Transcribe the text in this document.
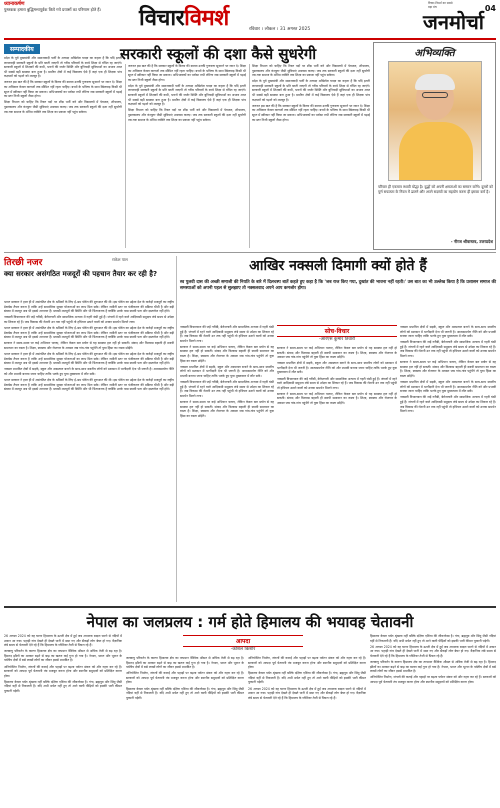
ध्यानाकर्षण
पुस्तकक हमारा बुद्धिमत्तापूर्वक किये गये प्रयासों का परिणाम होते हैं।	विचारविमर्श	रविवार । लोकल । 31 अगस्त 2025
विचार-विमर्श का सबसे बड़ा मंच
जनमोर्चा
04
सम्पादकीय	सरकारी स्कूलों की दशा कैसे सुधरेगी

प्रदेश के पूर्व मुख्यमंत्री और समाजवादी पार्टी के अध्यक्ष अखिलेश यादव का कहना है कि यदि इतनी लापरवाही सरकारी स्कूलों के प्रति बरती जाएगी तो गरीब परिवारों के बच्चे शिक्षा से वंचित रह जाएंगे। सरकारी स्कूलों में शिक्षकों की कमी, भवनों की जर्जर स्थिति और बुनियादी सुविधाओं का अभाव आज भी सबसे बड़ी समस्या बना हुआ है। ग्रामीण क्षेत्रों में कई विद्यालय ऐसे हैं जहां एक ही शिक्षक पांच कक्षाओं को पढ़ाने को मजबूर है।

जरूरत इस बात की है कि सरकार स्कूलों के विलय की बजाय उनकी गुणवत्ता सुधारने पर ध्यान दे। शिक्षा का अधिकार केवल कागजों तक सीमित नहीं रहना चाहिए। बच्चों के भविष्य के साथ खिलवाड़ किसी भी सूरत में स्वीकार नहीं किया जा सकता। अभिभावकों का भरोसा तभी लौटेगा जब सरकारी स्कूलों में पढ़ाई का स्तर निजी स्कूलों जैसा होगा।

शिक्षा विभाग को चाहिए कि रिक्त पदों पर शीघ्र भर्ती करे और विद्यालयों में पेयजल, शौचालय, पुस्तकालय और कंप्यूटर जैसी सुविधाएं उपलब्ध कराए। जब तक सरकारी स्कूलों की दशा नहीं सुधरेगी तब तक समाज के अंतिम व्यक्ति तक शिक्षा का प्रकाश नहीं पहुंच सकेगा।

जरूरत इस बात की है कि सरकार स्कूलों के विलय की बजाय उनकी गुणवत्ता सुधारने पर ध्यान दे। शिक्षा का अधिकार केवल कागजों तक सीमित नहीं रहना चाहिए। बच्चों के भविष्य के साथ खिलवाड़ किसी भी सूरत में स्वीकार नहीं किया जा सकता। अभिभावकों का भरोसा तभी लौटेगा जब सरकारी स्कूलों में पढ़ाई का स्तर निजी स्कूलों जैसा होगा।

प्रदेश के पूर्व मुख्यमंत्री और समाजवादी पार्टी के अध्यक्ष अखिलेश यादव का कहना है कि यदि इतनी लापरवाही सरकारी स्कूलों के प्रति बरती जाएगी तो गरीब परिवारों के बच्चे शिक्षा से वंचित रह जाएंगे। सरकारी स्कूलों में शिक्षकों की कमी, भवनों की जर्जर स्थिति और बुनियादी सुविधाओं का अभाव आज भी सबसे बड़ी समस्या बना हुआ है। ग्रामीण क्षेत्रों में कई विद्यालय ऐसे हैं जहां एक ही शिक्षक पांच कक्षाओं को पढ़ाने को मजबूर है।

शिक्षा विभाग को चाहिए कि रिक्त पदों पर शीघ्र भर्ती करे और विद्यालयों में पेयजल, शौचालय, पुस्तकालय और कंप्यूटर जैसी सुविधाएं उपलब्ध कराए। जब तक सरकारी स्कूलों की दशा नहीं सुधरेगी तब तक समाज के अंतिम व्यक्ति तक शिक्षा का प्रकाश नहीं पहुंच सकेगा।

शिक्षा विभाग को चाहिए कि रिक्त पदों पर शीघ्र भर्ती करे और विद्यालयों में पेयजल, शौचालय, पुस्तकालय और कंप्यूटर जैसी सुविधाएं उपलब्ध कराए। जब तक सरकारी स्कूलों की दशा नहीं सुधरेगी तब तक समाज के अंतिम व्यक्ति तक शिक्षा का प्रकाश नहीं पहुंच सकेगा।

प्रदेश के पूर्व मुख्यमंत्री और समाजवादी पार्टी के अध्यक्ष अखिलेश यादव का कहना है कि यदि इतनी लापरवाही सरकारी स्कूलों के प्रति बरती जाएगी तो गरीब परिवारों के बच्चे शिक्षा से वंचित रह जाएंगे। सरकारी स्कूलों में शिक्षकों की कमी, भवनों की जर्जर स्थिति और बुनियादी सुविधाओं का अभाव आज भी सबसे बड़ी समस्या बना हुआ है। ग्रामीण क्षेत्रों में कई विद्यालय ऐसे हैं जहां एक ही शिक्षक पांच कक्षाओं को पढ़ाने को मजबूर है।

जरूरत इस बात की है कि सरकार स्कूलों के विलय की बजाय उनकी गुणवत्ता सुधारने पर ध्यान दे। शिक्षा का अधिकार केवल कागजों तक सीमित नहीं रहना चाहिए। बच्चों के भविष्य के साथ खिलवाड़ किसी भी सूरत में स्वीकार नहीं किया जा सकता। अभिभावकों का भरोसा तभी लौटेगा जब सरकारी स्कूलों में पढ़ाई का स्तर निजी स्कूलों जैसा होगा।

अभिव्यक्ति
परिवार ही एकमात्र स्थायी योद्धा है। युद्धों को अपनी क्षमताओं का सम्मान करेंगे। दूसरों को पूर्ण सफलता के नियम में ढालने और अपने सदस्यों का सहयोग करना ही इसका कर्म है।
- नीरज श्रीवास्तव, उत्तरप्रदेश
तिरछी नजर	राकेश पाल
क्या सरकार असंगठित मजदूरों की पहचान तैयार कर रही है?

भारत सरकार ने हाल ही में असंगठित क्षेत्र के श्रमिकों के लिए ई-श्रम पोर्टल की शुरुआत की थी। इस पोर्टल का उद्देश्य देश के करोड़ों मजदूरों का राष्ट्रीय डेटाबेस तैयार करना है ताकि उन्हें सामाजिक सुरक्षा योजनाओं का लाभ मिल सके। लेकिन जमीनी स्तर पर पंजीकरण की प्रक्रिया धीमी है और बड़ी संख्या में मजदूर अब भी इससे अनजान हैं। प्रवासी मजदूरों की स्थिति और भी चिंताजनक है क्योंकि उनके पास स्थायी पता और दस्तावेज नहीं होते।

नक्सली विचारधारा की जड़ें गरीबी, बेरोजगारी और सामाजिक अन्याय में गहरी धंसी हुई हैं। जंगलों में रहने वाले आदिवासी समुदाय लंबे समय से उपेक्षा का शिकार रहे हैं। जब विकास की रोशनी उन तक नहीं पहुंची तो हथियार उठाने वालों को उनका समर्थन मिलने लगा।

भारत सरकार ने हाल ही में असंगठित क्षेत्र के श्रमिकों के लिए ई-श्रम पोर्टल की शुरुआत की थी। इस पोर्टल का उद्देश्य देश के करोड़ों मजदूरों का राष्ट्रीय डेटाबेस तैयार करना है ताकि उन्हें सामाजिक सुरक्षा योजनाओं का लाभ मिल सके। लेकिन जमीनी स्तर पर पंजीकरण की प्रक्रिया धीमी है और बड़ी संख्या में मजदूर अब भी इससे अनजान हैं। प्रवासी मजदूरों की स्थिति और भी चिंताजनक है क्योंकि उनके पास स्थायी पता और दस्तावेज नहीं होते।

सरकार ने समय-समय पर कई अभियान चलाए, लेकिन केवल बल प्रयोग से यह समस्या हल नहीं हो सकती। संवाद और विश्वास बहाली ही स्थायी समाधान का रास्ता है। शिक्षा, स्वास्थ्य और रोजगार के अवसर जब गांव-गांव पहुंचेंगे तो युवा हिंसा का रास्ता छोड़ेंगे।

भारत सरकार ने हाल ही में असंगठित क्षेत्र के श्रमिकों के लिए ई-श्रम पोर्टल की शुरुआत की थी। इस पोर्टल का उद्देश्य देश के करोड़ों मजदूरों का राष्ट्रीय डेटाबेस तैयार करना है ताकि उन्हें सामाजिक सुरक्षा योजनाओं का लाभ मिल सके। लेकिन जमीनी स्तर पर पंजीकरण की प्रक्रिया धीमी है और बड़ी संख्या में मजदूर अब भी इससे अनजान हैं। प्रवासी मजदूरों की स्थिति और भी चिंताजनक है क्योंकि उनके पास स्थायी पता और दस्तावेज नहीं होते।

नक्सल प्रभावित क्षेत्रों में सड़कें, स्कूल और अस्पताल बनाने के साथ-साथ स्थानीय लोगों को प्रशासन में भागीदारी देना भी जरूरी है। आत्मसमर्पण नीति को और प्रभावी बनाया जाना चाहिए ताकि भटके हुए युवा मुख्यधारा में लौट सकें।

भारत सरकार ने हाल ही में असंगठित क्षेत्र के श्रमिकों के लिए ई-श्रम पोर्टल की शुरुआत की थी। इस पोर्टल का उद्देश्य देश के करोड़ों मजदूरों का राष्ट्रीय डेटाबेस तैयार करना है ताकि उन्हें सामाजिक सुरक्षा योजनाओं का लाभ मिल सके। लेकिन जमीनी स्तर पर पंजीकरण की प्रक्रिया धीमी है और बड़ी संख्या में मजदूर अब भी इससे अनजान हैं। प्रवासी मजदूरों की स्थिति और भी चिंताजनक है क्योंकि उनके पास स्थायी पता और दस्तावेज नहीं होते।

आखिर नक्सली दिमागी क्यों होते हैं
स्व पुलवी दास की अच्छी समाजी की नियति के बारे में दिलचस्प बातें कहते हुए कहा है कि 'जब राज किए गया, दुखांत की भावना नहीं रहती।' उस बात का भी उल्लेख किया है कि प्रशासन समाज की समस्याओं को अपनी पहल से सुलझाए तो नक्सलवाद अपने आप कमजोर होगा।

नक्सली विचारधारा की जड़ें गरीबी, बेरोजगारी और सामाजिक अन्याय में गहरी धंसी हुई हैं। जंगलों में रहने वाले आदिवासी समुदाय लंबे समय से उपेक्षा का शिकार रहे हैं। जब विकास की रोशनी उन तक नहीं पहुंची तो हथियार उठाने वालों को उनका समर्थन मिलने लगा।

सरकार ने समय-समय पर कई अभियान चलाए, लेकिन केवल बल प्रयोग से यह समस्या हल नहीं हो सकती। संवाद और विश्वास बहाली ही स्थायी समाधान का रास्ता है। शिक्षा, स्वास्थ्य और रोजगार के अवसर जब गांव-गांव पहुंचेंगे तो युवा हिंसा का रास्ता छोड़ेंगे।

नक्सल प्रभावित क्षेत्रों में सड़कें, स्कूल और अस्पताल बनाने के साथ-साथ स्थानीय लोगों को प्रशासन में भागीदारी देना भी जरूरी है। आत्मसमर्पण नीति को और प्रभावी बनाया जाना चाहिए ताकि भटके हुए युवा मुख्यधारा में लौट सकें।

नक्सली विचारधारा की जड़ें गरीबी, बेरोजगारी और सामाजिक अन्याय में गहरी धंसी हुई हैं। जंगलों में रहने वाले आदिवासी समुदाय लंबे समय से उपेक्षा का शिकार रहे हैं। जब विकास की रोशनी उन तक नहीं पहुंची तो हथियार उठाने वालों को उनका समर्थन मिलने लगा।

सरकार ने समय-समय पर कई अभियान चलाए, लेकिन केवल बल प्रयोग से यह समस्या हल नहीं हो सकती। संवाद और विश्वास बहाली ही स्थायी समाधान का रास्ता है। शिक्षा, स्वास्थ्य और रोजगार के अवसर जब गांव-गांव पहुंचेंगे तो युवा हिंसा का रास्ता छोड़ेंगे।

सोच-विचार
-आरएस कुमार तिवारी

सरकार ने समय-समय पर कई अभियान चलाए, लेकिन केवल बल प्रयोग से यह समस्या हल नहीं हो सकती। संवाद और विश्वास बहाली ही स्थायी समाधान का रास्ता है। शिक्षा, स्वास्थ्य और रोजगार के अवसर जब गांव-गांव पहुंचेंगे तो युवा हिंसा का रास्ता छोड़ेंगे।

नक्सल प्रभावित क्षेत्रों में सड़कें, स्कूल और अस्पताल बनाने के साथ-साथ स्थानीय लोगों को प्रशासन में भागीदारी देना भी जरूरी है। आत्मसमर्पण नीति को और प्रभावी बनाया जाना चाहिए ताकि भटके हुए युवा मुख्यधारा में लौट सकें।

नक्सली विचारधारा की जड़ें गरीबी, बेरोजगारी और सामाजिक अन्याय में गहरी धंसी हुई हैं। जंगलों में रहने वाले आदिवासी समुदाय लंबे समय से उपेक्षा का शिकार रहे हैं। जब विकास की रोशनी उन तक नहीं पहुंची तो हथियार उठाने वालों को उनका समर्थन मिलने लगा।

सरकार ने समय-समय पर कई अभियान चलाए, लेकिन केवल बल प्रयोग से यह समस्या हल नहीं हो सकती। संवाद और विश्वास बहाली ही स्थायी समाधान का रास्ता है। शिक्षा, स्वास्थ्य और रोजगार के अवसर जब गांव-गांव पहुंचेंगे तो युवा हिंसा का रास्ता छोड़ेंगे।

नक्सल प्रभावित क्षेत्रों में सड़कें, स्कूल और अस्पताल बनाने के साथ-साथ स्थानीय लोगों को प्रशासन में भागीदारी देना भी जरूरी है। आत्मसमर्पण नीति को और प्रभावी बनाया जाना चाहिए ताकि भटके हुए युवा मुख्यधारा में लौट सकें।

नक्सली विचारधारा की जड़ें गरीबी, बेरोजगारी और सामाजिक अन्याय में गहरी धंसी हुई हैं। जंगलों में रहने वाले आदिवासी समुदाय लंबे समय से उपेक्षा का शिकार रहे हैं। जब विकास की रोशनी उन तक नहीं पहुंची तो हथियार उठाने वालों को उनका समर्थन मिलने लगा।

सरकार ने समय-समय पर कई अभियान चलाए, लेकिन केवल बल प्रयोग से यह समस्या हल नहीं हो सकती। संवाद और विश्वास बहाली ही स्थायी समाधान का रास्ता है। शिक्षा, स्वास्थ्य और रोजगार के अवसर जब गांव-गांव पहुंचेंगे तो युवा हिंसा का रास्ता छोड़ेंगे।

नक्सल प्रभावित क्षेत्रों में सड़कें, स्कूल और अस्पताल बनाने के साथ-साथ स्थानीय लोगों को प्रशासन में भागीदारी देना भी जरूरी है। आत्मसमर्पण नीति को और प्रभावी बनाया जाना चाहिए ताकि भटके हुए युवा मुख्यधारा में लौट सकें।

नक्सली विचारधारा की जड़ें गरीबी, बेरोजगारी और सामाजिक अन्याय में गहरी धंसी हुई हैं। जंगलों में रहने वाले आदिवासी समुदाय लंबे समय से उपेक्षा का शिकार रहे हैं। जब विकास की रोशनी उन तक नहीं पहुंची तो हथियार उठाने वालों को उनका समर्थन मिलने लगा।

नेपाल का जलप्रलय : गर्म होते हिमालय की भयावह चेतावनी

26 अगस्त 2024 को यह घटना हिमालय के ऊपरी क्षेत्र में हुई जब अचानक बादल फटने से नदियों में उफान आ गया। पहाड़ी गांव देखते ही देखते पानी में समा गए और सैकड़ों लोग बेघर हो गए। वैज्ञानिक लंबे समय से चेतावनी देते रहे हैं कि हिमालय के ग्लेशियर तेजी से पिघल रहे हैं।

जलवायु परिवर्तन के कारण हिमालय क्षेत्र का तापमान वैश्विक औसत से अधिक तेजी से बढ़ रहा है। हिमनद झीलों का आकार बढ़ने से बाढ़ का खतरा कई गुना हो गया है। नेपाल, भारत और भूटान के पर्वतीय क्षेत्रों में बसे लाखों लोगों का जीवन इससे प्रभावित है।

अनियोजित निर्माण, जंगलों की कटाई और पहाड़ों पर बढ़ता पर्यटन संकट को और गहरा कर रहे हैं। सरकारों को आपदा पूर्व चेतावनी तंत्र मजबूत करना होगा और स्थानीय समुदायों को प्रशिक्षित करना होगा।

हिमालय केवल पर्वत श्रृंखला नहीं बल्कि दक्षिण एशिया की जीवनरेखा है। गंगा, ब्रह्मपुत्र और सिंधु जैसी नदियां यहीं से निकलती हैं। यदि अभी सचेत नहीं हुए तो आने वाली पीढ़ियों को इसकी भारी कीमत चुकानी पड़ेगी।

आपदा
-कौशल किशोर

जलवायु परिवर्तन के कारण हिमालय क्षेत्र का तापमान वैश्विक औसत से अधिक तेजी से बढ़ रहा है। हिमनद झीलों का आकार बढ़ने से बाढ़ का खतरा कई गुना हो गया है। नेपाल, भारत और भूटान के पर्वतीय क्षेत्रों में बसे लाखों लोगों का जीवन इससे प्रभावित है।

अनियोजित निर्माण, जंगलों की कटाई और पहाड़ों पर बढ़ता पर्यटन संकट को और गहरा कर रहे हैं। सरकारों को आपदा पूर्व चेतावनी तंत्र मजबूत करना होगा और स्थानीय समुदायों को प्रशिक्षित करना होगा।

हिमालय केवल पर्वत श्रृंखला नहीं बल्कि दक्षिण एशिया की जीवनरेखा है। गंगा, ब्रह्मपुत्र और सिंधु जैसी नदियां यहीं से निकलती हैं। यदि अभी सचेत नहीं हुए तो आने वाली पीढ़ियों को इसकी भारी कीमत चुकानी पड़ेगी।

अनियोजित निर्माण, जंगलों की कटाई और पहाड़ों पर बढ़ता पर्यटन संकट को और गहरा कर रहे हैं। सरकारों को आपदा पूर्व चेतावनी तंत्र मजबूत करना होगा और स्थानीय समुदायों को प्रशिक्षित करना होगा।

हिमालय केवल पर्वत श्रृंखला नहीं बल्कि दक्षिण एशिया की जीवनरेखा है। गंगा, ब्रह्मपुत्र और सिंधु जैसी नदियां यहीं से निकलती हैं। यदि अभी सचेत नहीं हुए तो आने वाली पीढ़ियों को इसकी भारी कीमत चुकानी पड़ेगी।

26 अगस्त 2024 को यह घटना हिमालय के ऊपरी क्षेत्र में हुई जब अचानक बादल फटने से नदियों में उफान आ गया। पहाड़ी गांव देखते ही देखते पानी में समा गए और सैकड़ों लोग बेघर हो गए। वैज्ञानिक लंबे समय से चेतावनी देते रहे हैं कि हिमालय के ग्लेशियर तेजी से पिघल रहे हैं।

हिमालय केवल पर्वत श्रृंखला नहीं बल्कि दक्षिण एशिया की जीवनरेखा है। गंगा, ब्रह्मपुत्र और सिंधु जैसी नदियां यहीं से निकलती हैं। यदि अभी सचेत नहीं हुए तो आने वाली पीढ़ियों को इसकी भारी कीमत चुकानी पड़ेगी।

26 अगस्त 2024 को यह घटना हिमालय के ऊपरी क्षेत्र में हुई जब अचानक बादल फटने से नदियों में उफान आ गया। पहाड़ी गांव देखते ही देखते पानी में समा गए और सैकड़ों लोग बेघर हो गए। वैज्ञानिक लंबे समय से चेतावनी देते रहे हैं कि हिमालय के ग्लेशियर तेजी से पिघल रहे हैं।

जलवायु परिवर्तन के कारण हिमालय क्षेत्र का तापमान वैश्विक औसत से अधिक तेजी से बढ़ रहा है। हिमनद झीलों का आकार बढ़ने से बाढ़ का खतरा कई गुना हो गया है। नेपाल, भारत और भूटान के पर्वतीय क्षेत्रों में बसे लाखों लोगों का जीवन इससे प्रभावित है।

अनियोजित निर्माण, जंगलों की कटाई और पहाड़ों पर बढ़ता पर्यटन संकट को और गहरा कर रहे हैं। सरकारों को आपदा पूर्व चेतावनी तंत्र मजबूत करना होगा और स्थानीय समुदायों को प्रशिक्षित करना होगा।
